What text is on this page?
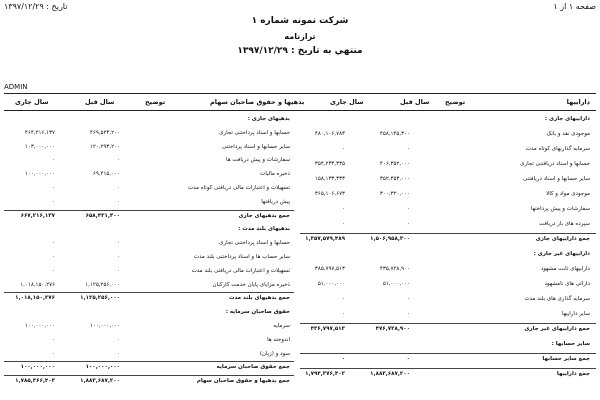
صفحه ۱ از ۱
تاریخ : ۱۳۹۷/۱۲/۲۹
شرکت نمونه شماره ۱
ترازنامه
منتهي به تاریخ : ۱۳۹۷/۱۲/۲۹
ADMIN
داراییها
توضیح
سال قبل
سال جاری
بدهیها و حقوق صاحبان سهام
توضیح
سال قبل
سال جاری
داراییهای جاری :
موجودی نقد و بانک
۴۵۸,۱۴۵,۳۰۰
۴۸۰,۱۰۶,۷۸۳
سرمایه گذاریهای کوتاه مدت
۰
۰
حسابها و اسناد دریافتنی تجاری
۴۰۶,۳۵۲,۰۰۰
۳۵۴,۲۳۳,۳۳۵
سایر حسابها و اسناد دریافتنی
۳۵۲,۳۵۳,۰۰۰
۱۵۸,۱۳۳,۳۳۳
موجودی مواد و کالا
۳۰۰,۳۲۰,۰۰۰
۳۶۵,۱۰۶,۶۷۳
سفارشات و پیش پرداختها
۰
۰
سپرده های باز دریافت
۰
۰
جمع داراییهای جاری
۱,۵۰۶,۹۵۸,۳۰۰
۱,۳۵۷,۵۷۹,۴۸۹
داراییهای غیر جاری :
داراییهای ثابت مشهود
۴۳۵,۷۲۸,۹۰۰
۳۸۵,۷۹۷,۵۱۳
دارائی های نامشهود
۵۱,۰۰۰,۰۰۰
۵۱,۰۰۰,۰۰۰
سرمایه گذاری های بلند مدت
۰
۰
سایر داراییها
۰
۰
جمع داراییهای غیر جاری
۴۷۶,۷۲۸,۹۰۰
۴۳۶,۷۹۷,۵۱۳
سایر حسابها :
جمع سایر حسابها
۰
۰
جمع داراییها
۱,۸۸۳,۶۸۷,۲۰۰
۱,۷۹۴,۳۷۶,۴۰۲
بدهیهای جاری :
حسابها و اسناد پرداختنی تجاری
۴۶۹,۵۲۳,۲۰۰
۴۶۴,۲۱۶,۱۳۷
سایر حسابها و اسناد پرداختنی
۱۲۰,۲۹۳,۲۰۰
۱۰۳,۰۰۰,۰۰۰
سفارشات و پیش دریافت ها
۰
۰
ذخیره مالیات
۶۹,۴۱۵,۰۰۰
۱۰۰,۰۰۰,۰۰۰
تسهیلات و اعتبارات مالی دریافتی کوتاه مدت
۰
۰
پیش دریافتها
۰
۰
جمع بدهیهای جاری
۶۵۸,۴۳۱,۴۰۰
۶۶۷,۲۱۶,۱۳۷
بدهیهای بلند مدت :
حسابها و اسناد پرداختنی تجاری
۰
۰
سایر حساب ها و اسناد پرداختنی بلند مدت
۰
۰
تسهیلات و اعتبارات مالی دریافتی بلند مدت
۰
۰
ذخیره مزایای پایان خدمت کارکنان
۱,۱۲۵,۲۵۶,۰۰۰
۱,۰۱۸,۱۵۰,۲۷۶
جمع بدهیهای بلند مدت
۱,۱۲۵,۲۵۶,۰۰۰
۱,۰۱۸,۱۵۰,۲۷۶
حقوق صاحبان سرمایه :
سرمایه
۱۰۰,۰۰۰,۰۰۰
۱۰۰,۰۰۰,۰۰۰
اندوخته ها
۰
۰
سود و (زیان)
۰
۰
جمع حقوق صاحبان سرمایه
۱۰۰,۰۰۰,۰۰۰
۱۰۰,۰۰۰,۰۰۰
جمع بدهیها و حقوق صاحبان سهام
۱,۸۸۳,۶۸۷,۲۰۰
۱,۷۸۵,۳۶۶,۴۰۳
